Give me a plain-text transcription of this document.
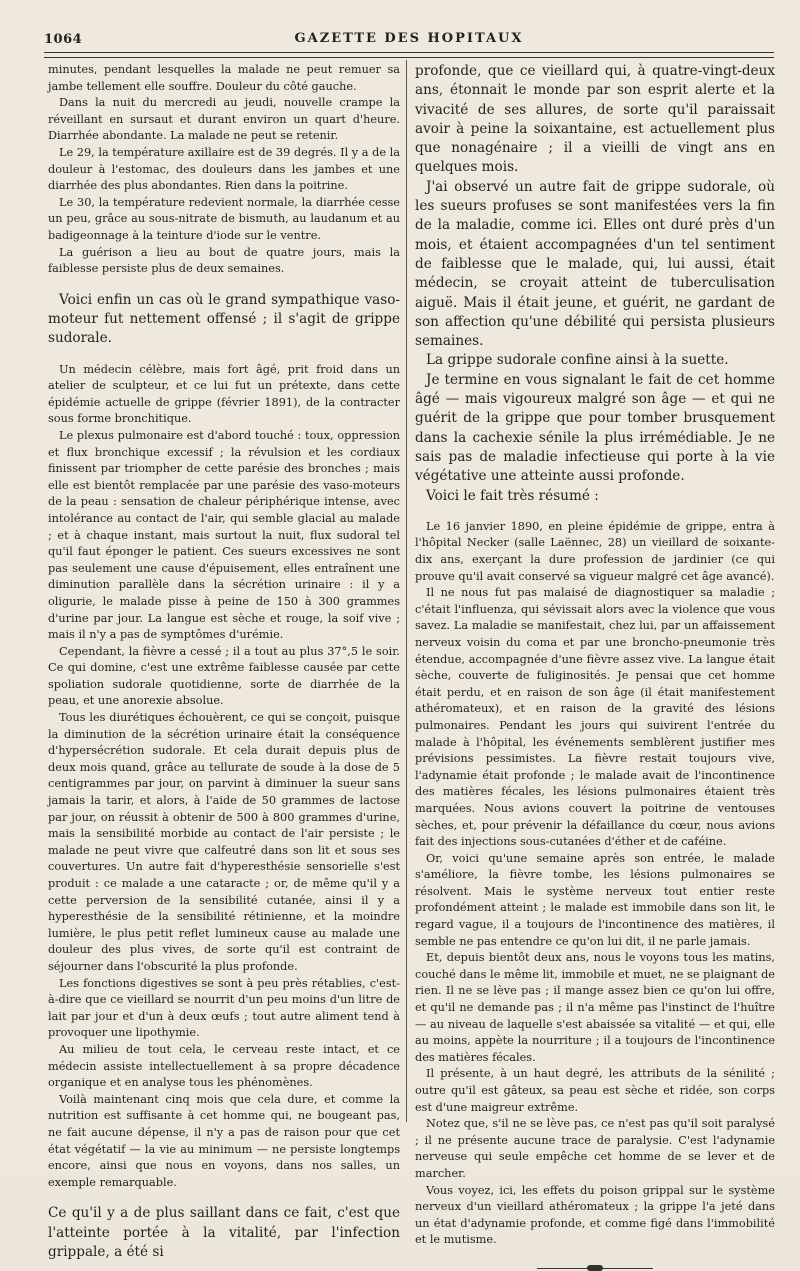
1064	GAZETTE DES HOPITAUX

minutes, pendant lesquelles la malade ne peut remuer sa jambe tellement elle souffre. Douleur du côté gauche.

Dans la nuit du mercredi au jeudi, nouvelle crampe la réveillant en sursaut et durant environ un quart d'heure. Diarrhée abondante. La malade ne peut se retenir.

Le 29, la température axillaire est de 39 degrés. Il y a de la douleur à l'estomac, des douleurs dans les jambes et une diarrhée des plus abondantes. Rien dans la poitrine.

Le 30, la température redevient normale, la diarrhée cesse un peu, grâce au sous-nitrate de bismuth, au laudanum et au badigeonnage à la teinture d'iode sur le ventre.

La guérison a lieu au bout de quatre jours, mais la faiblesse persiste plus de deux semaines.

Voici enfin un cas où le grand sympathique vaso-moteur fut nettement offensé ; il s'agit de grippe sudorale.

Un médecin célèbre, mais fort âgé, prit froid dans un atelier de sculpteur, et ce lui fut un prétexte, dans cette épidémie actuelle de grippe (février 1891), de la contracter sous forme bronchitique.

Le plexus pulmonaire est d'abord touché : toux, oppression et flux bronchique excessif ; la révulsion et les cordiaux finissent par triompher de cette parésie des bronches ; mais elle est bientôt remplacée par une parésie des vaso-moteurs de la peau : sensation de chaleur périphérique intense, avec intolérance au contact de l'air, qui semble glacial au malade ; et à chaque instant, mais surtout la nuit, flux sudoral tel qu'il faut éponger le patient. Ces sueurs excessives ne sont pas seulement une cause d'épuisement, elles entraînent une diminution parallèle dans la sécrétion urinaire : il y a oligurie, le malade pisse à peine de 150 à 300 grammes d'urine par jour. La langue est sèche et rouge, la soif vive ; mais il n'y a pas de symptômes d'urémie.

Cependant, la fièvre a cessé ; il a tout au plus 37°,5 le soir. Ce qui domine, c'est une extrême faiblesse causée par cette spoliation sudorale quotidienne, sorte de diarrhée de la peau, et une anorexie absolue.

Tous les diurétiques échouèrent, ce qui se conçoit, puisque la diminution de la sécrétion urinaire était la conséquence d'hypersécrétion sudorale. Et cela durait depuis plus de deux mois quand, grâce au tellurate de soude à la dose de 5 centigrammes par jour, on parvint à diminuer la sueur sans jamais la tarir, et alors, à l'aide de 50 grammes de lactose par jour, on réussit à obtenir de 500 à 800 grammes d'urine, mais la sensibilité morbide au contact de l'air persiste ; le malade ne peut vivre que calfeutré dans son lit et sous ses couvertures. Un autre fait d'hyperesthésie sensorielle s'est produit : ce malade a une cataracte ; or, de même qu'il y a cette perversion de la sensibilité cutanée, ainsi il y a hyperesthésie de la sensibilité rétinienne, et la moindre lumière, le plus petit reflet lumineux cause au malade une douleur des plus vives, de sorte qu'il est contraint de séjourner dans l'obscurité la plus profonde.

Les fonctions digestives se sont à peu près rétablies, c'est-à-dire que ce vieillard se nourrit d'un peu moins d'un litre de lait par jour et d'un à deux œufs ; tout autre aliment tend à provoquer une lipothymie.

Au milieu de tout cela, le cerveau reste intact, et ce médecin assiste intellectuellement à sa propre décadence organique et en analyse tous les phénomènes.

Voilà maintenant cinq mois que cela dure, et comme la nutrition est suffisante à cet homme qui, ne bougeant pas, ne fait aucune dépense, il n'y a pas de raison pour que cet état végétatif — la vie au minimum — ne persiste longtemps encore, ainsi que nous en voyons, dans nos salles, un exemple remarquable.

Ce qu'il y a de plus saillant dans ce fait, c'est que l'atteinte portée à la vitalité, par l'infection grippale, a été si

profonde, que ce vieillard qui, à quatre-vingt-deux ans, étonnait le monde par son esprit alerte et la vivacité de ses allures, de sorte qu'il paraissait avoir à peine la soixantaine, est actuellement plus que nonagénaire ; il a vieilli de vingt ans en quelques mois.

J'ai observé un autre fait de grippe sudorale, où les sueurs profuses se sont manifestées vers la fin de la maladie, comme ici. Elles ont duré près d'un mois, et étaient accompagnées d'un tel sentiment de faiblesse que le malade, qui, lui aussi, était médecin, se croyait atteint de tuberculisation aiguë. Mais il était jeune, et guérit, ne gardant de son affection qu'une débilité qui persista plusieurs semaines.

La grippe sudorale confine ainsi à la suette.

Je termine en vous signalant le fait de cet homme âgé — mais vigoureux malgré son âge — et qui ne guérit de la grippe que pour tomber brusquement dans la cachexie sénile la plus irrémédiable. Je ne sais pas de maladie infectieuse qui porte à la vie végétative une atteinte aussi profonde.

Voici le fait très résumé :

Le 16 janvier 1890, en pleine épidémie de grippe, entra à l'hôpital Necker (salle Laënnec, 28) un vieillard de soixante-dix ans, exerçant la dure profession de jardinier (ce qui prouve qu'il avait conservé sa vigueur malgré cet âge avancé).

Il ne nous fut pas malaisé de diagnostiquer sa maladie ; c'était l'influenza, qui sévissait alors avec la violence que vous savez. La maladie se manifestait, chez lui, par un affaissement nerveux voisin du coma et par une broncho-pneumonie très étendue, accompagnée d'une fièvre assez vive. La langue était sèche, couverte de fuliginosités. Je pensai que cet homme était perdu, et en raison de son âge (il était manifestement athéromateux), et en raison de la gravité des lésions pulmonaires. Pendant les jours qui suivirent l'entrée du malade à l'hôpital, les événements semblèrent justifier mes prévisions pessimistes. La fièvre restait toujours vive, l'adynamie était profonde ; le malade avait de l'incontinence des matières fécales, les lésions pulmonaires étaient très marquées. Nous avions couvert la poitrine de ventouses sèches, et, pour prévenir la défaillance du cœur, nous avions fait des injections sous-cutanées d'éther et de caféine.

Or, voici qu'une semaine après son entrée, le malade s'améliore, la fièvre tombe, les lésions pulmonaires se résolvent. Mais le système nerveux tout entier reste profondément atteint ; le malade est immobile dans son lit, le regard vague, il a toujours de l'incontinence des matières, il semble ne pas entendre ce qu'on lui dit, il ne parle jamais.

Et, depuis bientôt deux ans, nous le voyons tous les matins, couché dans le même lit, immobile et muet, ne se plaignant de rien. Il ne se lève pas ; il mange assez bien ce qu'on lui offre, et qu'il ne demande pas ; il n'a même pas l'instinct de l'huître — au niveau de laquelle s'est abaissée sa vitalité — et qui, elle au moins, appète la nourriture ; il a toujours de l'incontinence des matières fécales.

Il présente, à un haut degré, les attributs de la sénilité ; outre qu'il est gâteux, sa peau est sèche et ridée, son corps est d'une maigreur extrême.

Notez que, s'il ne se lève pas, ce n'est pas qu'il soit paralysé ; il ne présente aucune trace de paralysie. C'est l'adynamie nerveuse qui seule empêche cet homme de se lever et de marcher.

Vous voyez, ici, les effets du poison grippal sur le système nerveux d'un vieillard athéromateux ; la grippe l'a jeté dans un état d'adynamie profonde, et comme figé dans l'immobilité et le mutisme.
